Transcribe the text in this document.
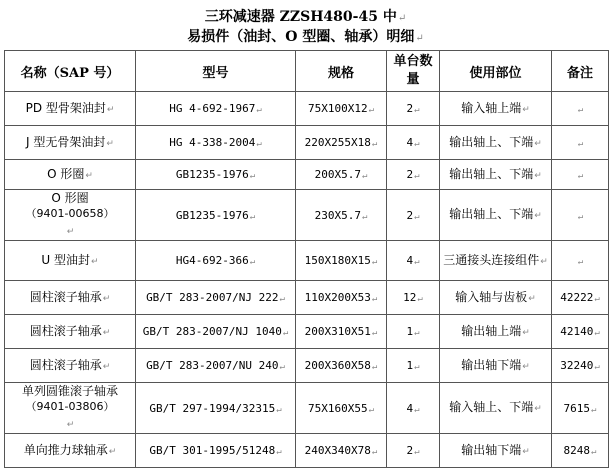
三环减速器 ZZSH480-45 中↵
易损件（油封、O 型圈、轴承）明细↵
名称（SAP 号）	型号	规格	单台数量	使用部位	备注
PD 型骨架油封↵	HG 4-692-1967↵	75X100X12↵	2↵	输入轴上端↵	↵
J 型无骨架油封↵	HG 4-338-2004↵	220X255X18↵	4↵	输出轴上、下端↵	↵
O 形圈↵	GB1235-1976↵	200X5.7↵	2↵	输出轴上、下端↵	↵
O 形圈
（9401-00658）
↵	GB1235-1976↵	230X5.7↵	2↵	输出轴上、下端↵	↵
U 型油封↵	HG4-692-366↵	150X180X15↵	4↵	三通接头连接组件↵	↵
圆柱滚子轴承↵	GB/T 283-2007/NJ 222↵	110X200X53↵	12↵	输入轴与齿板↵	42222↵
圆柱滚子轴承↵	GB/T 283-2007/NJ 1040↵	200X310X51↵	1↵	输出轴上端↵	42140↵
圆柱滚子轴承↵	GB/T 283-2007/NU 240↵	200X360X58↵	1↵	输出轴下端↵	32240↵
单列圆锥滚子轴承
（9401-03806）
↵	GB/T 297-1994/32315↵	75X160X55↵	4↵	输入轴上、下端↵	7615↵
单向推力球轴承↵	GB/T 301-1995/51248↵	240X340X78↵	2↵	输出轴下端↵	8248↵
